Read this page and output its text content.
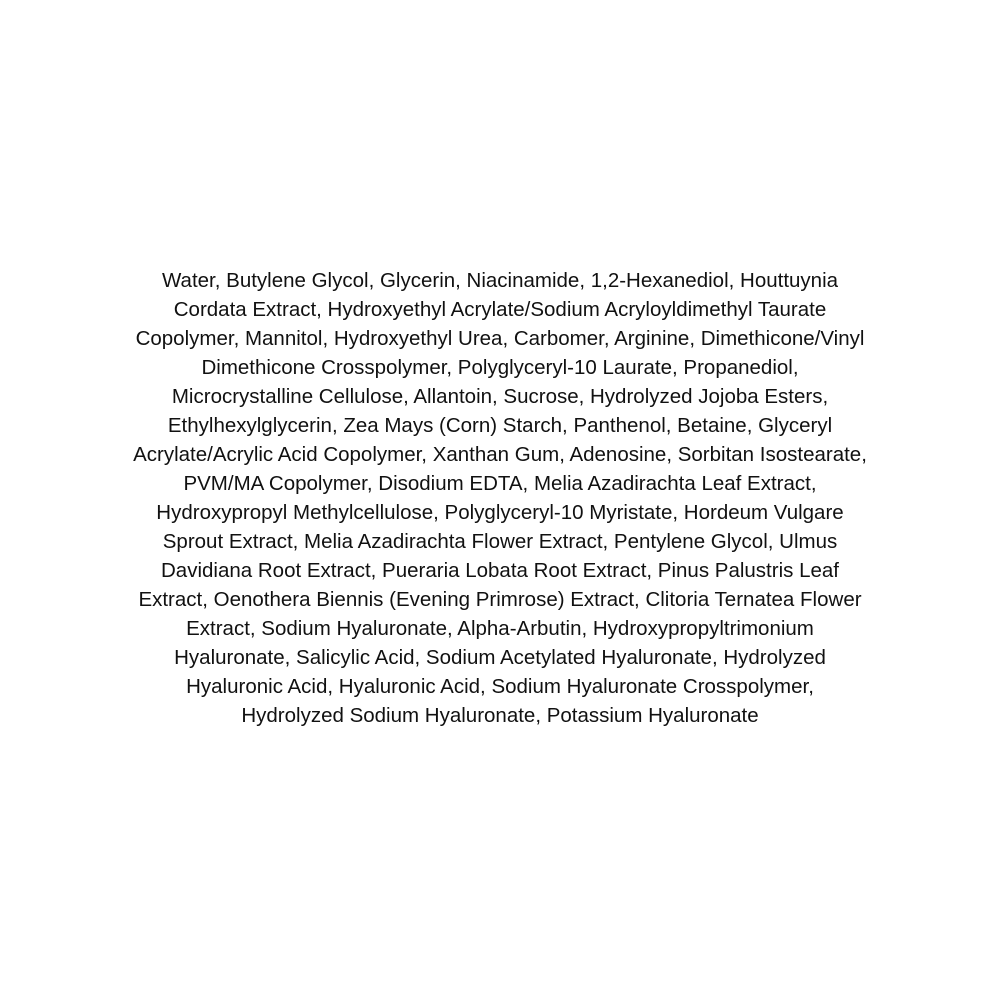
Water, Butylene Glycol, Glycerin, Niacinamide, 1,2-Hexanediol, Houttuynia
Cordata Extract, Hydroxyethyl Acrylate/Sodium Acryloyldimethyl Taurate
Copolymer, Mannitol, Hydroxyethyl Urea, Carbomer, Arginine, Dimethicone/Vinyl
Dimethicone Crosspolymer, Polyglyceryl-10 Laurate, Propanediol,
Microcrystalline Cellulose, Allantoin, Sucrose, Hydrolyzed Jojoba Esters,
Ethylhexylglycerin, Zea Mays (Corn) Starch, Panthenol, Betaine, Glyceryl
Acrylate/Acrylic Acid Copolymer, Xanthan Gum, Adenosine, Sorbitan Isostearate,
PVM/MA Copolymer, Disodium EDTA, Melia Azadirachta Leaf Extract,
Hydroxypropyl Methylcellulose, Polyglyceryl-10 Myristate, Hordeum Vulgare
Sprout Extract, Melia Azadirachta Flower Extract, Pentylene Glycol, Ulmus
Davidiana Root Extract, Pueraria Lobata Root Extract, Pinus Palustris Leaf
Extract, Oenothera Biennis (Evening Primrose) Extract, Clitoria Ternatea Flower
Extract, Sodium Hyaluronate, Alpha-Arbutin, Hydroxypropyltrimonium
Hyaluronate, Salicylic Acid, Sodium Acetylated Hyaluronate, Hydrolyzed
Hyaluronic Acid, Hyaluronic Acid, Sodium Hyaluronate Crosspolymer,
Hydrolyzed Sodium Hyaluronate, Potassium Hyaluronate
